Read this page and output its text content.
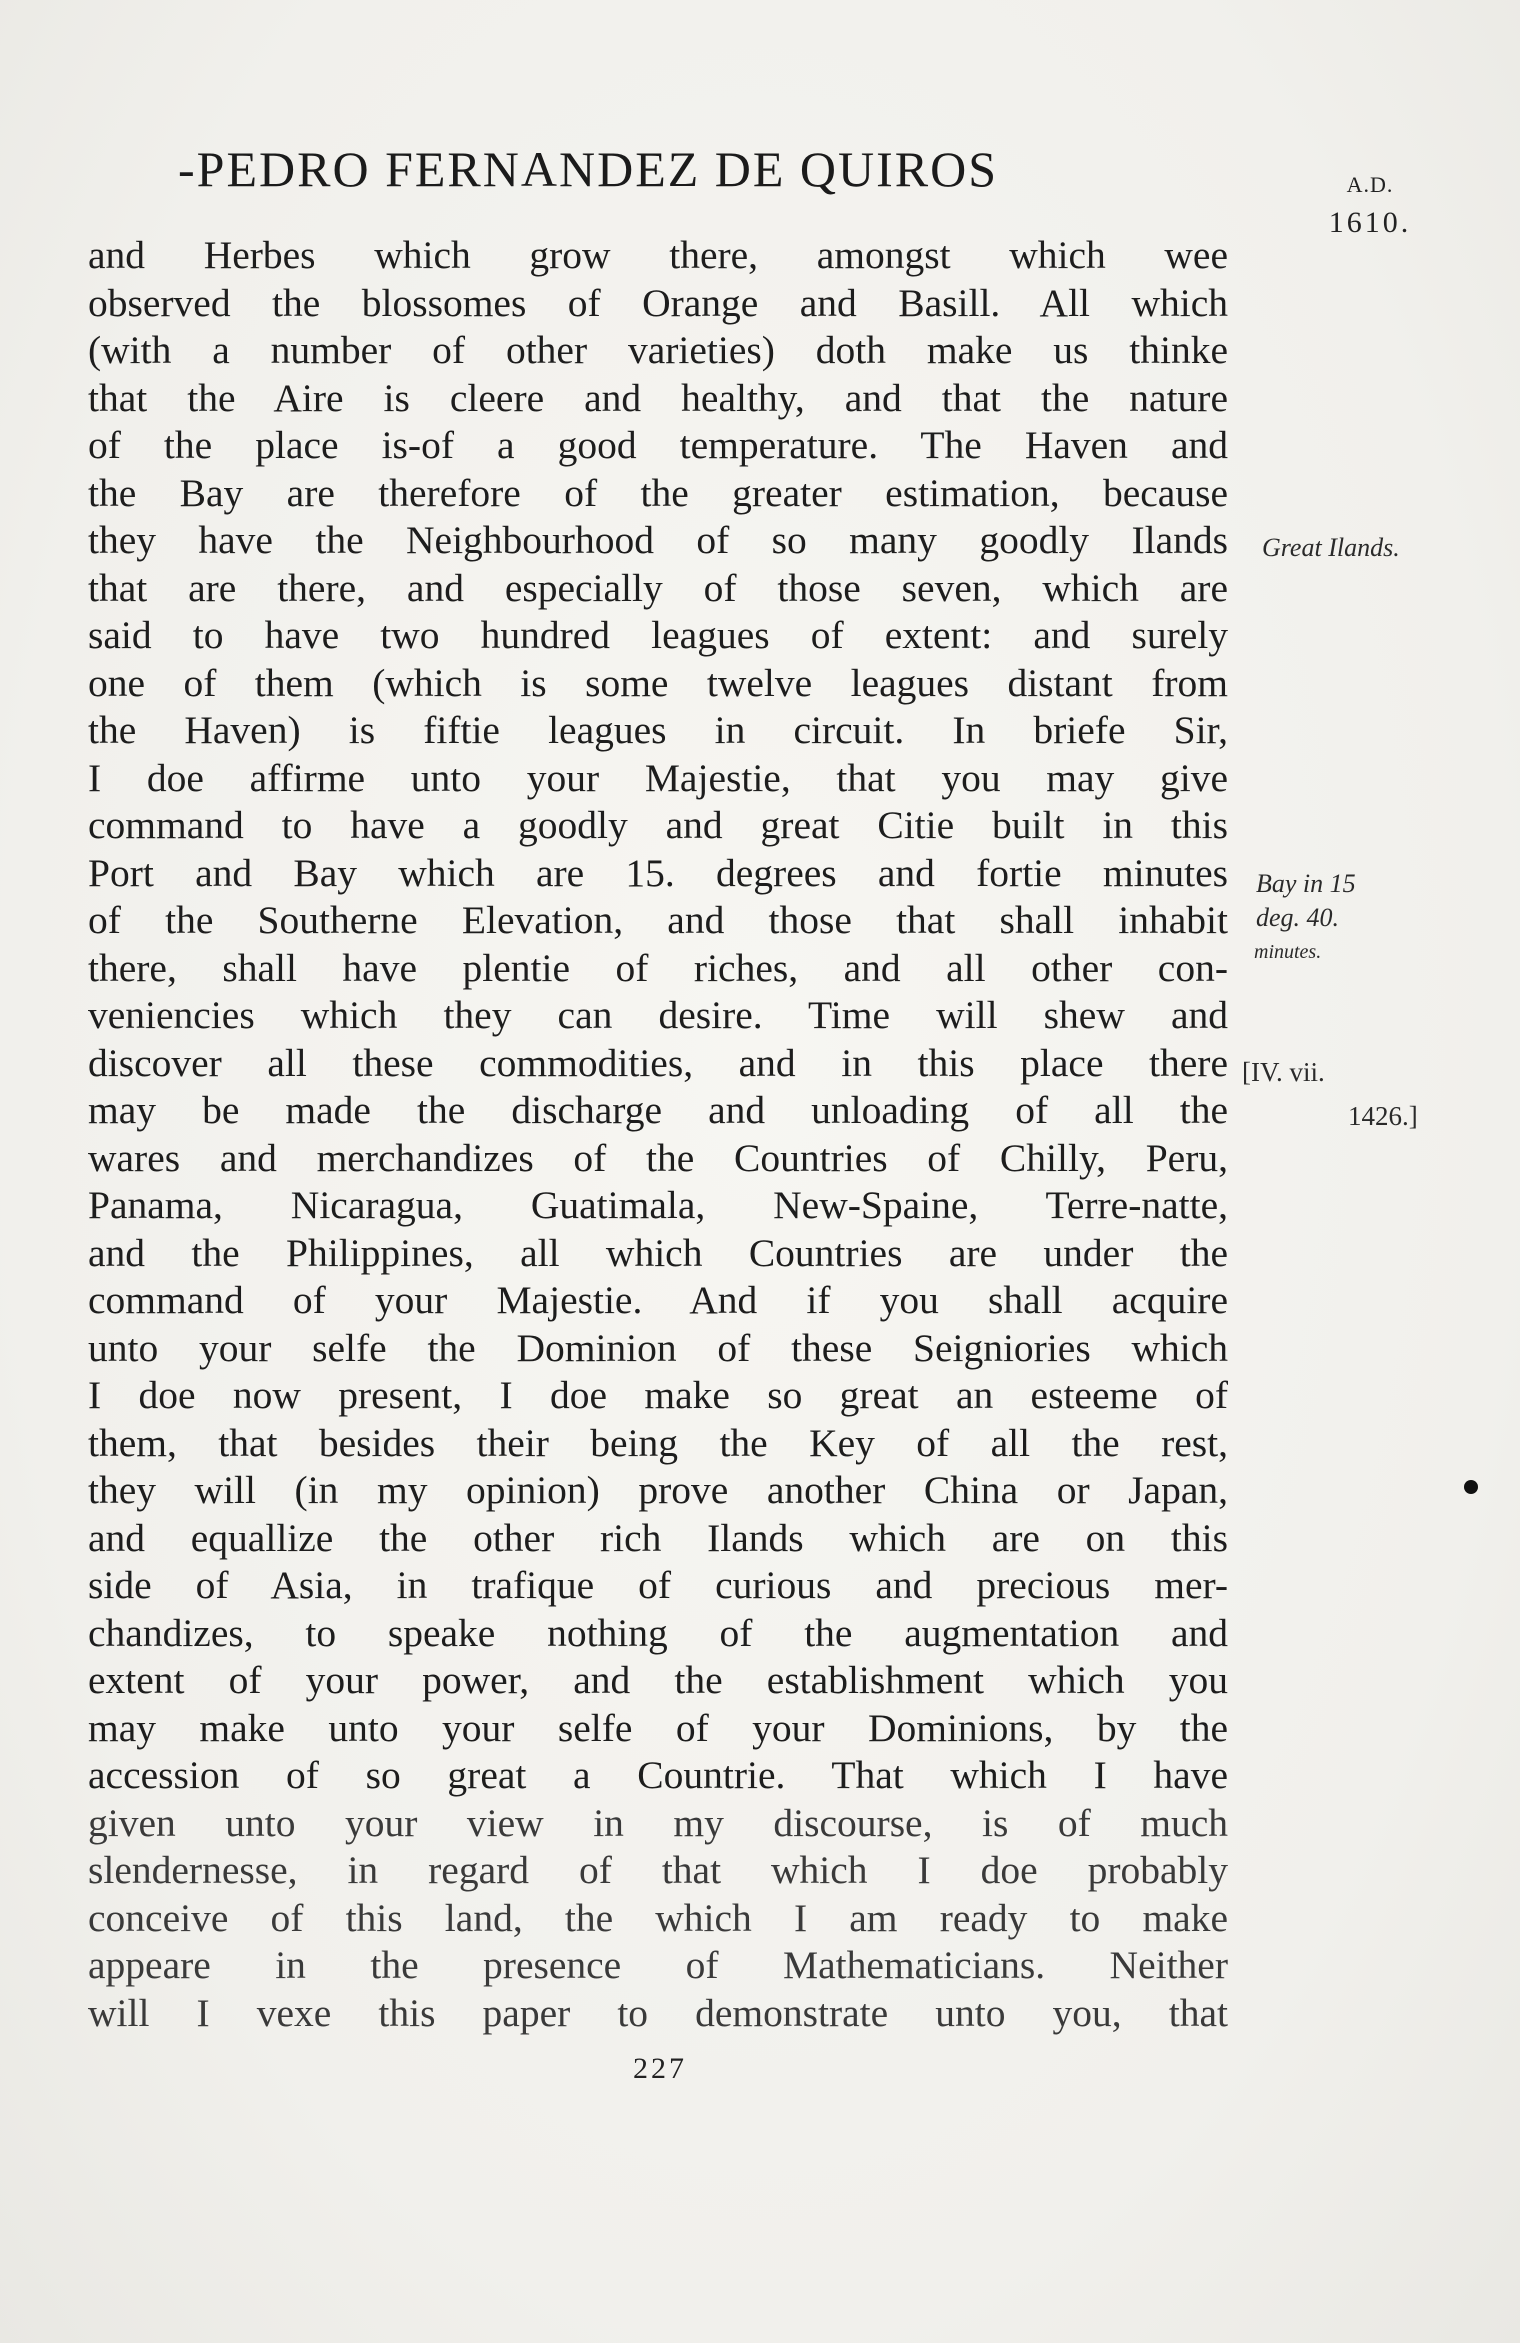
-PEDRO FERNANDEZ DE QUIROS	A.D.
1610.
and Herbes which grow there, amongst which wee
observed the blossomes of Orange and Basill. All which
(with a number of other varieties) doth make us thinke
that the Aire is cleere and healthy, and that the nature
of the place is-of a good temperature. The Haven and
the Bay are therefore of the greater estimation, because
they have the Neighbourhood of so many goodly Ilands
that are there, and especially of those seven, which are
said to have two hundred leagues of extent: and surely
one of them (which is some twelve leagues distant from
the Haven) is fiftie leagues in circuit. In briefe Sir,
I doe affirme unto your Majestie, that you may give
command to have a goodly and great Citie built in this
Port and Bay which are 15. degrees and fortie minutes
of the Southerne Elevation, and those that shall inhabit
there, shall have plentie of riches, and all other con-
veniencies which they can desire. Time will shew and
discover all these commodities, and in this place there
may be made the discharge and unloading of all the
wares and merchandizes of the Countries of Chilly, Peru,
Panama, Nicaragua, Guatimala, New-Spaine, Terre-natte,
and the Philippines, all which Countries are under the
command of your Majestie. And if you shall acquire
unto your selfe the Dominion of these Seigniories which
I doe now present, I doe make so great an esteeme of
them, that besides their being the Key of all the rest,
they will (in my opinion) prove another China or Japan,
and equallize the other rich Ilands which are on this
side of Asia, in trafique of curious and precious mer-
chandizes, to speake nothing of the augmentation and
extent of your power, and the establishment which you
may make unto your selfe of your Dominions, by the
accession of so great a Countrie. That which I have
given unto your view in my discourse, is of much
slendernesse, in regard of that which I doe probably
conceive of this land, the which I am ready to make
appeare in the presence of Mathematicians. Neither
will I vexe this paper to demonstrate unto you, that
Great Ilands.
Bay in 15
deg. 40.
minutes.
[IV. vii.
1426.]
227
